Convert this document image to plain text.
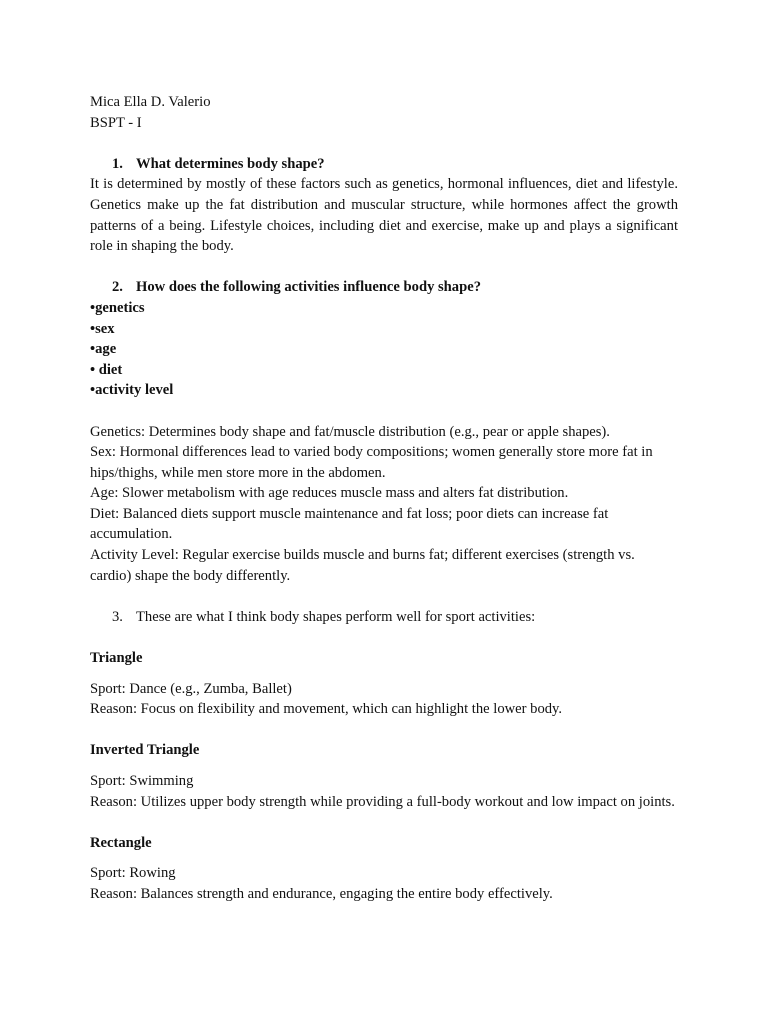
Mica Ella D. Valerio

BSPT - I

1. What determines body shape?

It is determined by mostly of these factors such as genetics, hormonal influences, diet and lifestyle. Genetics make up the fat distribution and muscular structure, while hormones affect the growth patterns of a being. Lifestyle choices, including diet and exercise, make up and plays a significant role in shaping the body.

2. How does the following activities influence body shape?

•genetics

•sex

•age

• diet

•activity level

Genetics: Determines body shape and fat/muscle distribution (e.g., pear or apple shapes).

Sex: Hormonal differences lead to varied body compositions; women generally store more fat in hips/thighs, while men store more in the abdomen.

Age: Slower metabolism with age reduces muscle mass and alters fat distribution.

Diet: Balanced diets support muscle maintenance and fat loss; poor diets can increase fat accumulation.

Activity Level: Regular exercise builds muscle and burns fat; different exercises (strength vs. cardio) shape the body differently.

3. These are what I think body shapes perform well for sport activities:

Triangle

Sport: Dance (e.g., Zumba, Ballet)

Reason: Focus on flexibility and movement, which can highlight the lower body.

Inverted Triangle

Sport: Swimming

Reason: Utilizes upper body strength while providing a full-body workout and low impact on joints.

Rectangle

Sport: Rowing

Reason: Balances strength and endurance, engaging the entire body effectively.
